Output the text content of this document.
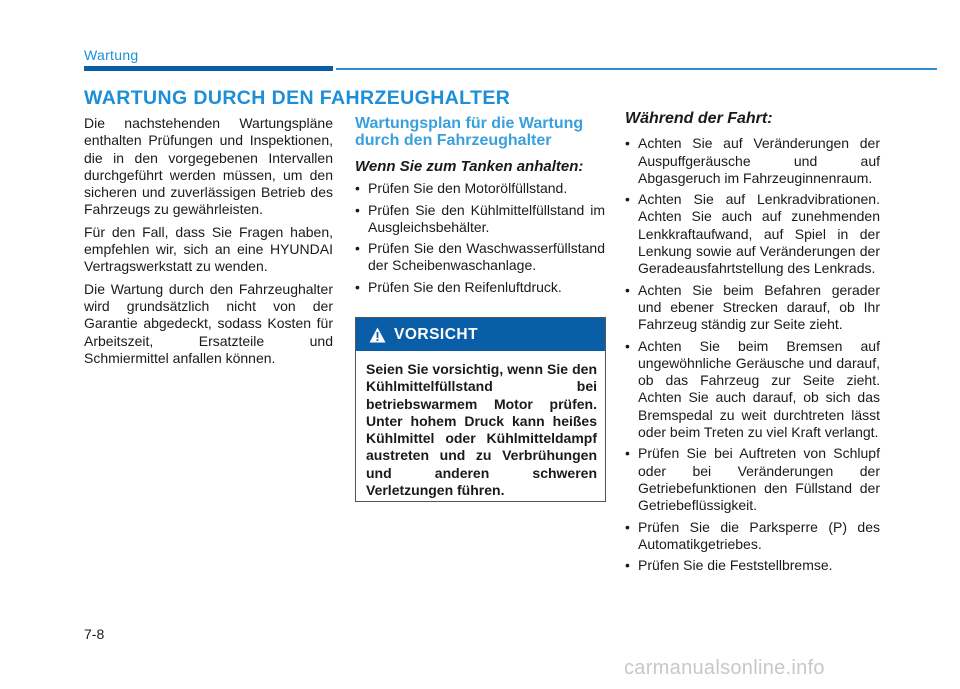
Wartung
WARTUNG DURCH DEN FAHRZEUGHALTER

Die nachstehenden Wartungspläne enthalten Prüfungen und Inspektionen, die in den vorgegebenen Intervallen durchgeführt werden müssen, um den sicheren und zuverlässigen Betrieb des Fahrzeugs zu gewährleisten.

Für den Fall, dass Sie Fragen haben, empfehlen wir, sich an eine HYUNDAI Vertragswerkstatt zu wenden.

Die Wartung durch den Fahrzeughalter wird grundsätzlich nicht von der Garantie abgedeckt, sodass Kosten für Arbeitszeit, Ersatzteile und Schmiermittel anfallen können.

Wartungsplan für die Wartung durch den Fahrzeughalter
Wenn Sie zum Tanken anhalten:
• Prüfen Sie den Motorölfüllstand.
• Prüfen Sie den Kühlmittelfüllstand im Ausgleichsbehälter.
• Prüfen Sie den Waschwasserfüllstand der Scheibenwaschanlage.
• Prüfen Sie den Reifenluftdruck.
VORSICHT
Seien Sie vorsichtig, wenn Sie den Kühlmittelfüllstand bei betriebswarmem Motor prüfen. Unter hohem Druck kann heißes Kühlmittel oder Kühlmitteldampf austreten und zu Verbrühungen und anderen schweren Verletzungen führen.
Während der Fahrt:
• Achten Sie auf Veränderungen der Auspuffgeräusche und auf Abgasgeruch im Fahrzeuginnenraum.
• Achten Sie auf Lenkradvibrationen. Achten Sie auch auf zunehmenden Lenkkraftaufwand, auf Spiel in der Lenkung sowie auf Veränderungen der Geradeausfahrtstellung des Lenkrads.
• Achten Sie beim Befahren gerader und ebener Strecken darauf, ob Ihr Fahrzeug ständig zur Seite zieht.
• Achten Sie beim Bremsen auf ungewöhnliche Geräusche und darauf, ob das Fahrzeug zur Seite zieht. Achten Sie auch darauf, ob sich das Bremspedal zu weit durchtreten lässt oder beim Treten zu viel Kraft verlangt.
• Prüfen Sie bei Auftreten von Schlupf oder bei Veränderungen der Getriebefunktionen den Füllstand der Getriebeflüssigkeit.
• Prüfen Sie die Parksperre (P) des Automatikgetriebes.
• Prüfen Sie die Feststellbremse.
7-8
carmanualsonline.info
